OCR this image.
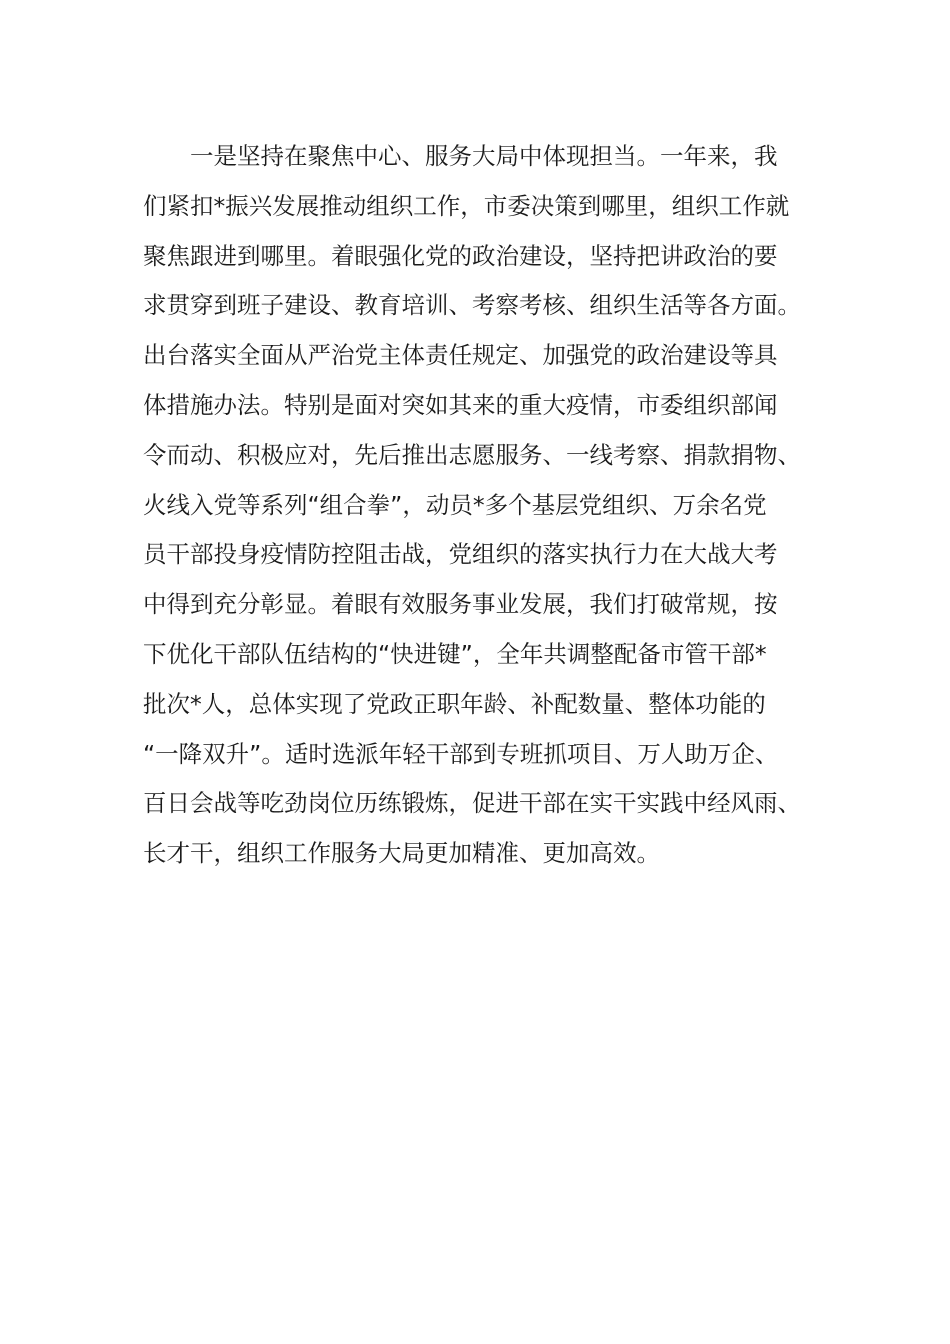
一是坚持在聚焦中心、服务大局中体现担当。一年来，我
们紧扣*振兴发展推动组织工作，市委决策到哪里，组织工作就
聚焦跟进到哪里。着眼强化党的政治建设，坚持把讲政治的要
求贯穿到班子建设、教育培训、考察考核、组织生活等各方面。
出台落实全面从严治党主体责任规定、加强党的政治建设等具
体措施办法。特别是面对突如其来的重大疫情，市委组织部闻
令而动、积极应对，先后推出志愿服务、一线考察、捐款捐物、
火线入党等系列“组合拳”，动员*多个基层党组织、万余名党
员干部投身疫情防控阻击战，党组织的落实执行力在大战大考
中得到充分彰显。着眼有效服务事业发展，我们打破常规，按
下优化干部队伍结构的“快进键”，全年共调整配备市管干部*
批次*人，总体实现了党政正职年龄、补配数量、整体功能的
“一降双升”。适时选派年轻干部到专班抓项目、万人助万企、
百日会战等吃劲岗位历练锻炼，促进干部在实干实践中经风雨、
长才干，组织工作服务大局更加精准、更加高效。
